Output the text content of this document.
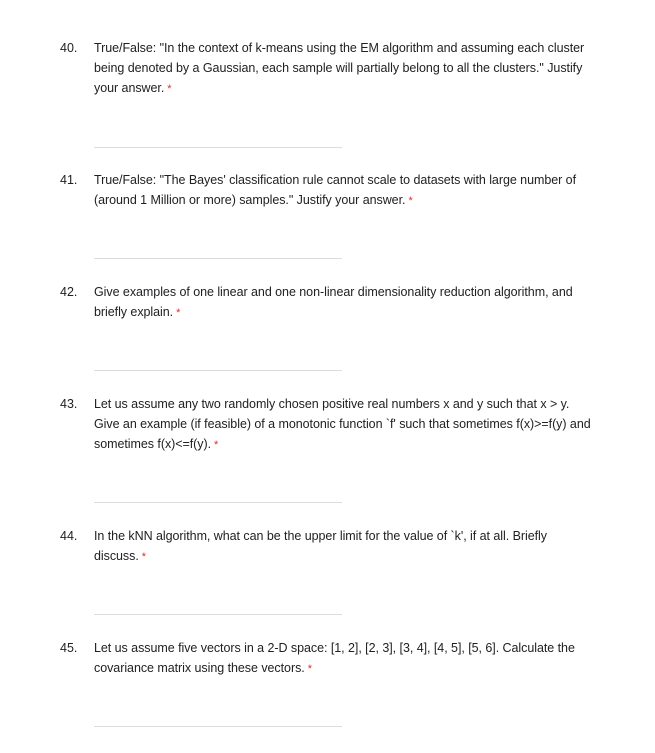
40. True/False: "In the context of k-means using the EM algorithm and assuming each cluster being denoted by a Gaussian, each sample will partially belong to all the clusters." Justify your answer. *
41. True/False: "The Bayes' classification rule cannot scale to datasets with large number of (around 1 Million or more) samples." Justify your answer. *
42. Give examples of one linear and one non-linear dimensionality reduction algorithm, and briefly explain. *
43. Let us assume any two randomly chosen positive real numbers x and y such that x > y. Give an example (if feasible) of a monotonic function `f' such that sometimes f(x)>=f(y) and sometimes f(x)<=f(y). *
44. In the kNN algorithm, what can be the upper limit for the value of `k', if at all. Briefly discuss. *
45. Let us assume five vectors in a 2-D space: [1, 2], [2, 3], [3, 4], [4, 5], [5, 6]. Calculate the covariance matrix using these vectors. *
